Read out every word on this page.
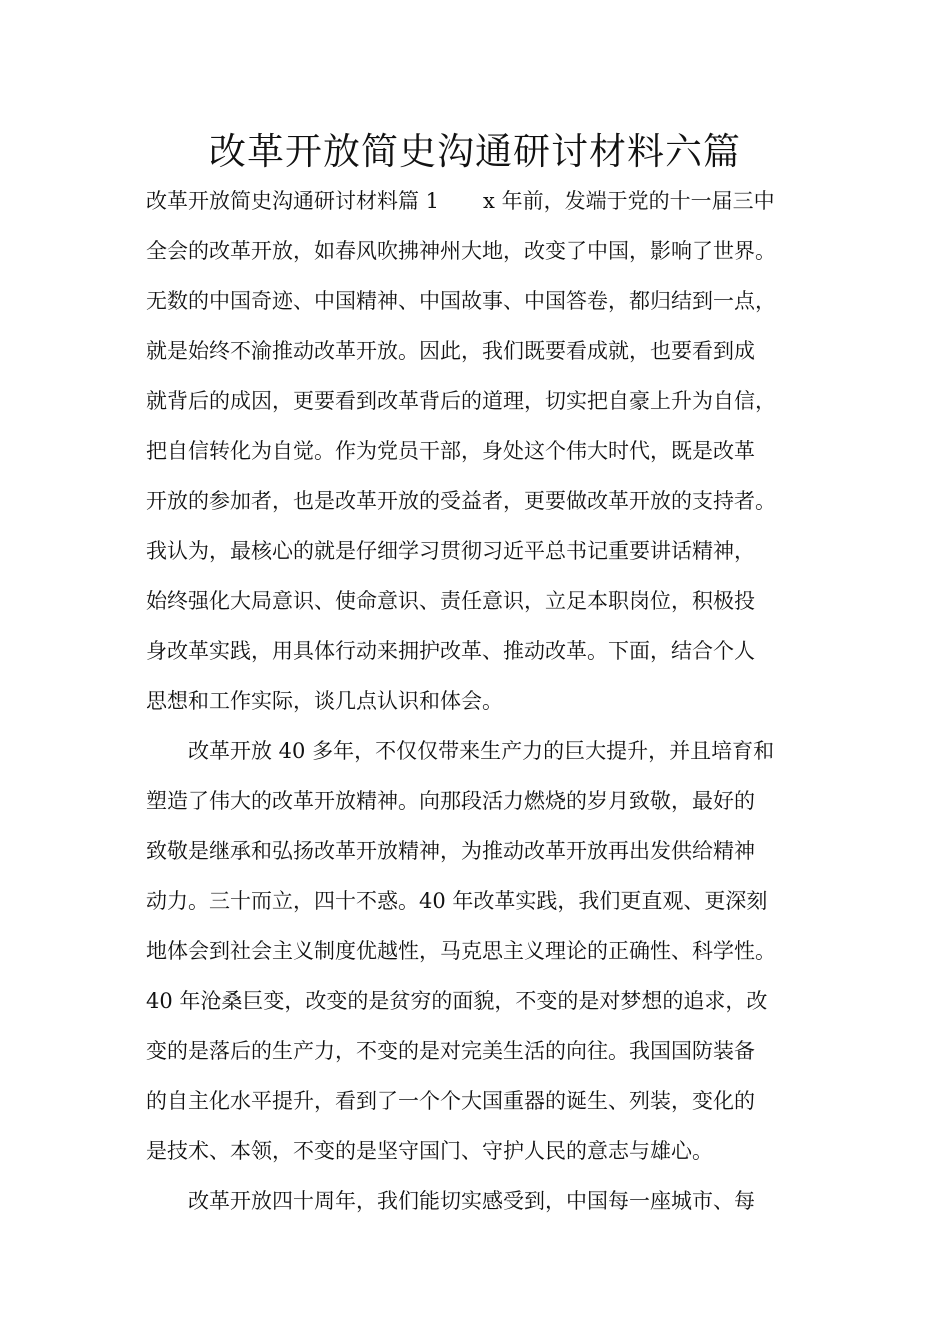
改革开放简史沟通研讨材料六篇

改革开放简史沟通研讨材料篇 1 x 年前，发端于党的十一届三中

全会的改革开放，如春风吹拂神州大地，改变了中国，影响了世界。

无数的中国奇迹、中国精神、中国故事、中国答卷，都归结到一点，

就是始终不渝推动改革开放。因此，我们既要看成就，也要看到成

就背后的成因，更要看到改革背后的道理，切实把自豪上升为自信，

把自信转化为自觉。作为党员干部，身处这个伟大时代，既是改革

开放的参加者，也是改革开放的受益者，更要做改革开放的支持者。

我认为，最核心的就是仔细学习贯彻习近平总书记重要讲话精神，

始终强化大局意识、使命意识、责任意识，立足本职岗位，积极投

身改革实践，用具体行动来拥护改革、推动改革。下面，结合个人

思想和工作实际，谈几点认识和体会。

改革开放 40 多年，不仅仅带来生产力的巨大提升，并且培育和

塑造了伟大的改革开放精神。向那段活力燃烧的岁月致敬，最好的

致敬是继承和弘扬改革开放精神，为推动改革开放再出发供给精神

动力。三十而立，四十不惑。40 年改革实践，我们更直观、更深刻

地体会到社会主义制度优越性，马克思主义理论的正确性、科学性。

40 年沧桑巨变，改变的是贫穷的面貌，不变的是对梦想的追求，改

变的是落后的生产力，不变的是对完美生活的向往。我国国防装备

的自主化水平提升，看到了一个个大国重器的诞生、列装，变化的

是技术、本领，不变的是坚守国门、守护人民的意志与雄心。

改革开放四十周年，我们能切实感受到，中国每一座城市、每
